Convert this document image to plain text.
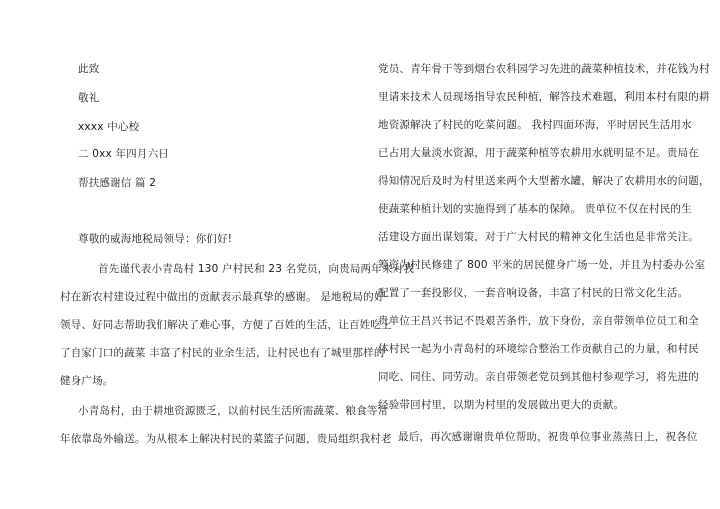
此致
敬礼
xxxx 中心校
二 0xx 年四月六日
帮扶感谢信 篇 2
尊敬的威海地税局领导：你们好!
首先谨代表小青岛村 130 户村民和 23 名党员，向贵局两年来对我
村在新农村建设过程中做出的贡献表示最真挚的感谢。 是地税局的好
领导、好同志帮助我们解决了难心事，方便了百姓的生活，让百姓吃上
了自家门口的蔬菜 丰富了村民的业余生活，让村民也有了城里那样的
健身广场。
小青岛村，由于耕地资源匮乏，以前村民生活所需蔬菜、粮食等常
年依靠岛外输送。为从根本上解决村民的菜篮子问题，贵局组织我村老
党员、青年骨干等到烟台农科园学习先进的蔬菜种植技术，并花钱为村
里请来技术人员现场指导农民种植，解答技术难题，利用本村有限的耕
地资源解决了村民的吃菜问题。 我村四面环海，平时居民生活用水
已占用大量淡水资源，用于蔬菜种植等农耕用水就明显不足。贵局在
得知情况后及时为村里送来两个大型蓄水罐，解决了农耕用水的问题，
使蔬菜种植计划的实施得到了基本的保障。 贵单位不仅在村民的生
活建设方面出谋划策，对于广大村民的精神文化生活也是非常关注。
筹资为村民修建了 800 平米的居民健身广场一处，并且为村委办公室
配置了一套投影仪，一套音响设备，丰富了村民的日常文化生活。
贵单位王昌兴书记不畏艰苦条件，放下身份，亲自带领单位员工和全
体村民一起为小青岛村的环境综合整治工作贡献自己的力量，和村民
同吃、同住、同劳动。亲自带领老党员到其他村参观学习，将先进的
经验带回村里，以期为村里的发展做出更大的贡献。
最后，再次感谢谢贵单位帮助，祝贵单位事业蒸蒸日上，祝各位
